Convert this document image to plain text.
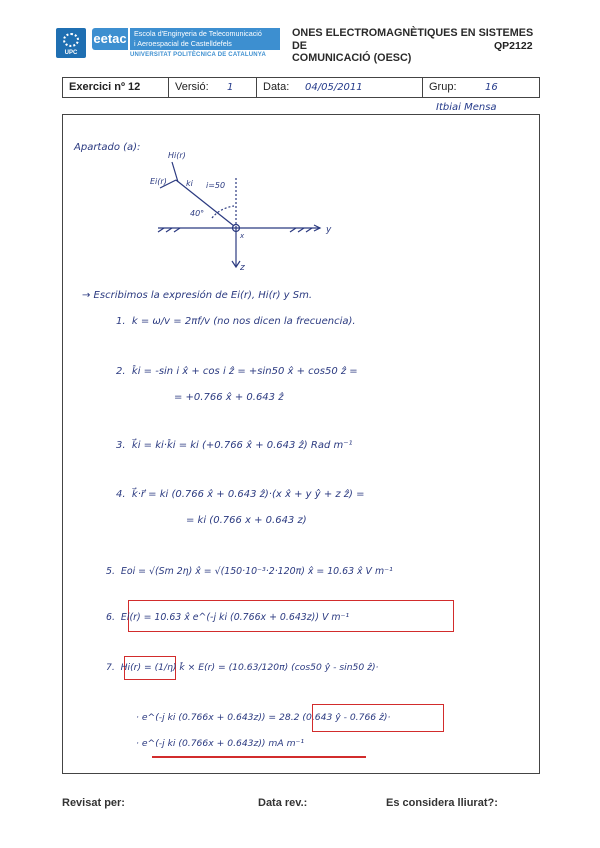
UPC
eetac Escola d'Enginyeria de Telecomunicació
i Aeroespacial de Castelldefels
UNIVERSITAT POLITÈCNICA DE CATALUNYA
ONES ELECTROMAGNÈTIQUES EN SISTEMES DE
COMUNICACIÓ (OESC)
QP2122
Exercici nº 12	Versió: 1	Data: 04/05/2011	Grup:	16
Itbiai Mensa
Apartado (a):
Hi(r)
Ei(r) ki i=50
40°
y
x
z
→ Escribimos la expresión de Ei(r), Hi(r) y Sm.
1. k = ω/v = 2πf/v (no nos dicen la frecuencia).
2. k̂i = -sin i x̂ + cos i ẑ = +sin50 x̂ + cos50 ẑ =
= +0.766 x̂ + 0.643 ẑ
3. k⃗i = ki·k̂i = ki (+0.766 x̂ + 0.643 ẑ) Rad m⁻¹
4. k⃗·r⃗ = ki (0.766 x̂ + 0.643 ẑ)·(x x̂ + y ŷ + z ẑ) =
= ki (0.766 x + 0.643 z)
5. Eoi = √(Sm 2η) x̂ = √(150·10⁻³·2·120π) x̂ = 10.63 x̂ V m⁻¹
6. Ei(r) = 10.63 x̂ e^(-j ki (0.766x + 0.643z)) V m⁻¹
7. Hi(r) = (1/η) k̂ × E(r) = (10.63/120π) (cos50 ŷ - sin50 ẑ)·
· e^(-j ki (0.766x + 0.643z)) = 28.2 (0.643 ŷ - 0.766 ẑ)·
· e^(-j ki (0.766x + 0.643z)) mA m⁻¹
Revisat per:	Data rev.:	Es considera lliurat?:
